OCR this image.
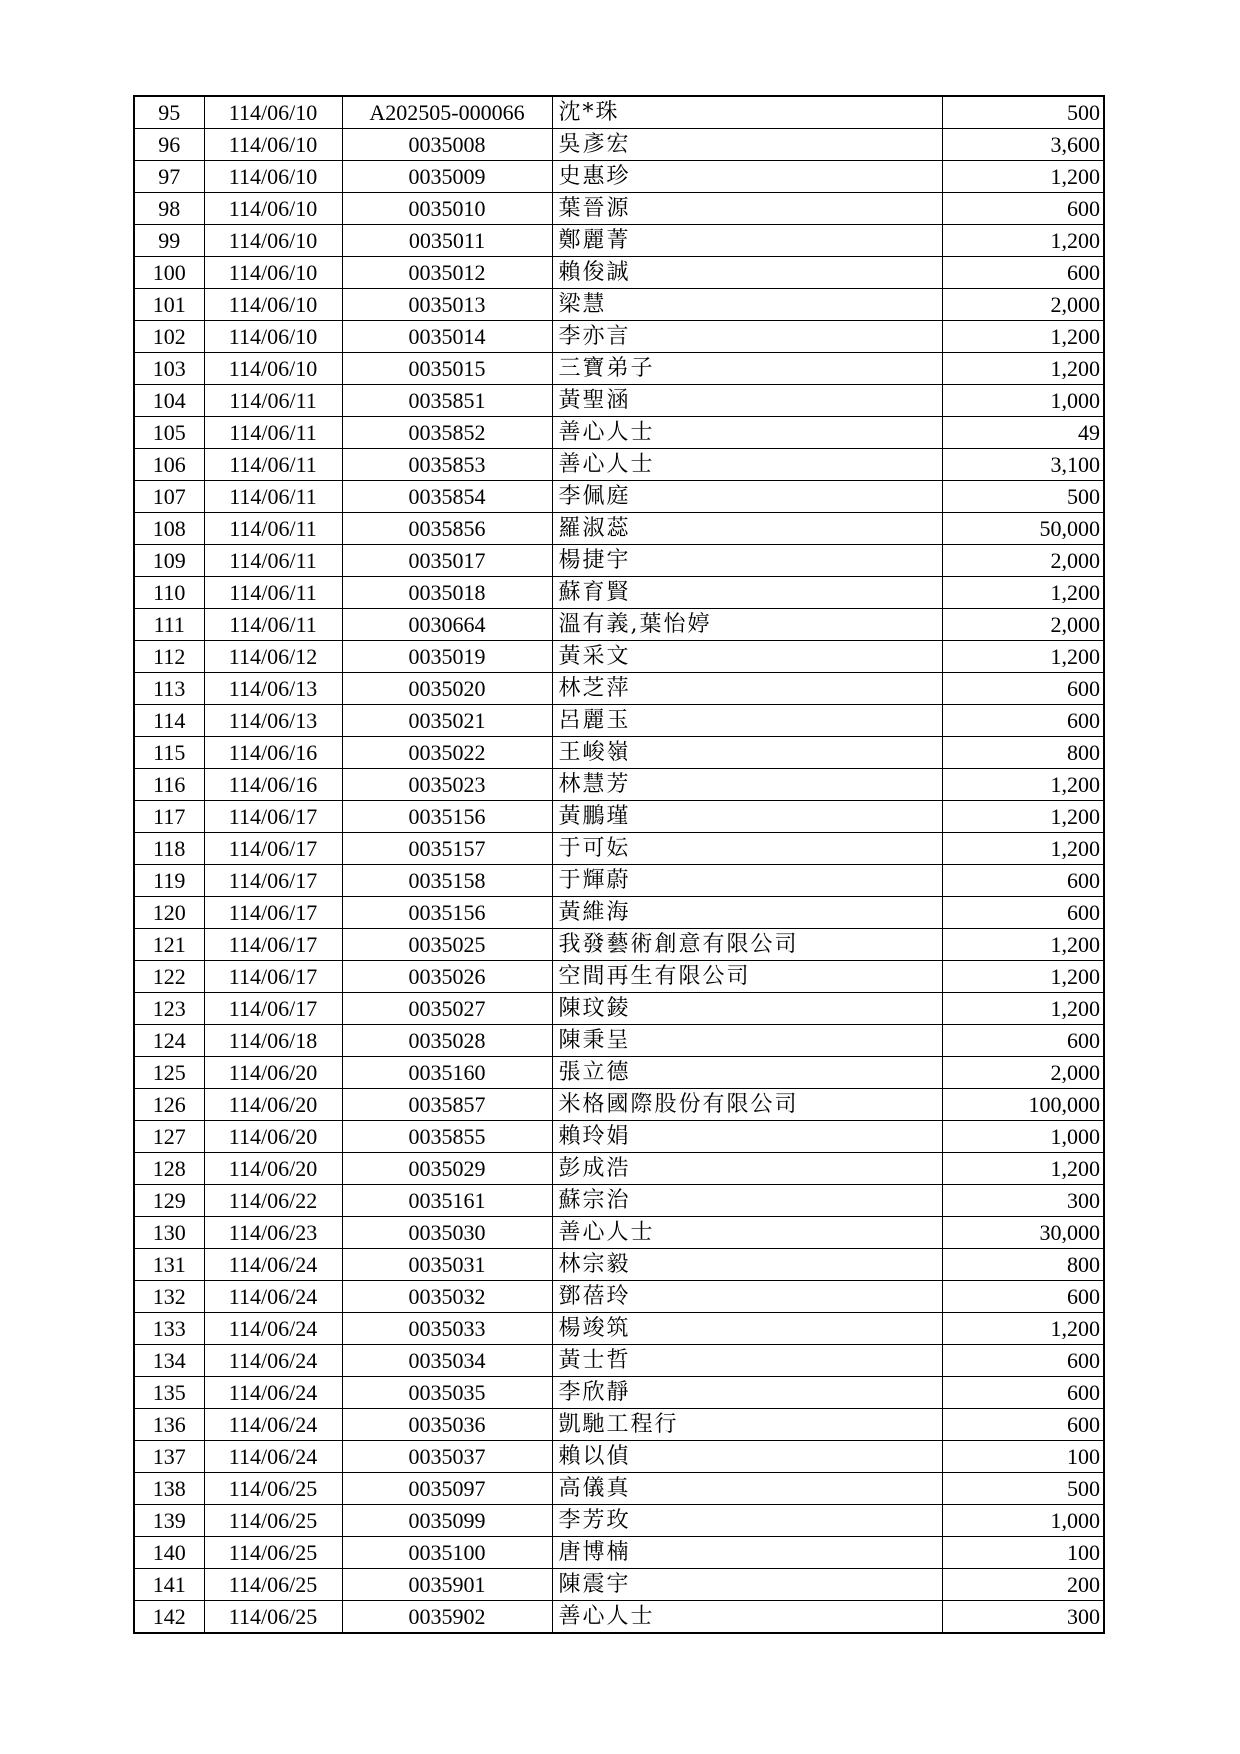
95	114/06/10	A202505-000066	沈*珠	500
96	114/06/10	0035008	吳彥宏	3,600
97	114/06/10	0035009	史惠珍	1,200
98	114/06/10	0035010	葉晉源	600
99	114/06/10	0035011	鄭麗菁	1,200
100	114/06/10	0035012	賴俊誠	600
101	114/06/10	0035013	梁慧	2,000
102	114/06/10	0035014	李亦言	1,200
103	114/06/10	0035015	三寶弟子	1,200
104	114/06/11	0035851	黃聖涵	1,000
105	114/06/11	0035852	善心人士	49
106	114/06/11	0035853	善心人士	3,100
107	114/06/11	0035854	李佩庭	500
108	114/06/11	0035856	羅淑蕊	50,000
109	114/06/11	0035017	楊捷宇	2,000
110	114/06/11	0035018	蘇育賢	1,200
111	114/06/11	0030664	溫有義,葉怡婷	2,000
112	114/06/12	0035019	黃采文	1,200
113	114/06/13	0035020	林芝萍	600
114	114/06/13	0035021	呂麗玉	600
115	114/06/16	0035022	王峻嶺	800
116	114/06/16	0035023	林慧芳	1,200
117	114/06/17	0035156	黃鵬瑾	1,200
118	114/06/17	0035157	于可妘	1,200
119	114/06/17	0035158	于輝蔚	600
120	114/06/17	0035156	黃維海	600
121	114/06/17	0035025	我發藝術創意有限公司	1,200
122	114/06/17	0035026	空間再生有限公司	1,200
123	114/06/17	0035027	陳玟錂	1,200
124	114/06/18	0035028	陳秉呈	600
125	114/06/20	0035160	張立德	2,000
126	114/06/20	0035857	米格國際股份有限公司	100,000
127	114/06/20	0035855	賴玲娟	1,000
128	114/06/20	0035029	彭成浩	1,200
129	114/06/22	0035161	蘇宗治	300
130	114/06/23	0035030	善心人士	30,000
131	114/06/24	0035031	林宗毅	800
132	114/06/24	0035032	鄧蓓玲	600
133	114/06/24	0035033	楊竣筑	1,200
134	114/06/24	0035034	黃士哲	600
135	114/06/24	0035035	李欣靜	600
136	114/06/24	0035036	凱馳工程行	600
137	114/06/24	0035037	賴以偵	100
138	114/06/25	0035097	高儀真	500
139	114/06/25	0035099	李芳玫	1,000
140	114/06/25	0035100	唐博楠	100
141	114/06/25	0035901	陳震宇	200
142	114/06/25	0035902	善心人士	300
